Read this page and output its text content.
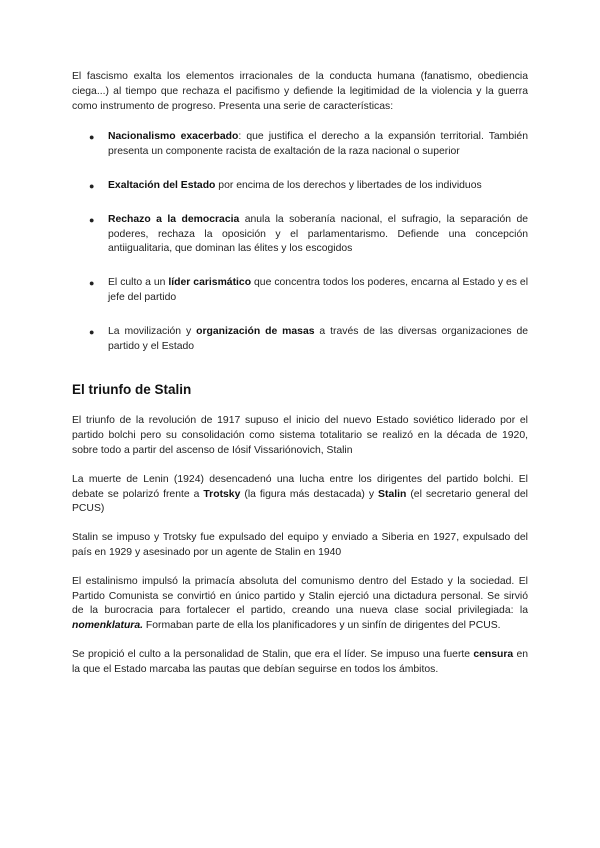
El fascismo exalta los elementos irracionales de la conducta humana (fanatismo, obediencia ciega...) al tiempo que rechaza el pacifismo y defiende la legitimidad de la violencia y la guerra como instrumento de progreso. Presenta una serie de características:

● Nacionalismo exacerbado: que justifica el derecho a la expansión territorial. También presenta un componente racista de exaltación de la raza nacional o superior
● Exaltación del Estado por encima de los derechos y libertades de los individuos
● Rechazo a la democracia anula la soberanía nacional, el sufragio, la separación de poderes, rechaza la oposición y el parlamentarismo. Defiende una concepción antiigualitaria, que dominan las élites y los escogidos
● El culto a un líder carismático que concentra todos los poderes, encarna al Estado y es el jefe del partido
● La movilización y organización de masas a través de las diversas organizaciones de partido y el Estado
El triunfo de Stalin

El triunfo de la revolución de 1917 supuso el inicio del nuevo Estado soviético liderado por el partido bolchi pero su consolidación como sistema totalitario se realizó en la década de 1920, sobre todo a partir del ascenso de Iósif Vissariónovich, Stalin

La muerte de Lenin (1924) desencadenó una lucha entre los dirigentes del partido bolchi. El debate se polarizó frente a Trotsky (la figura más destacada) y Stalin (el secretario general del PCUS)

Stalin se impuso y Trotsky fue expulsado del equipo y enviado a Siberia en 1927, expulsado del país en 1929 y asesinado por un agente de Stalin en 1940

El estalinismo impulsó la primacía absoluta del comunismo dentro del Estado y la sociedad. El Partido Comunista se convirtió en único partido y Stalin ejerció una dictadura personal. Se sirvió de la burocracia para fortalecer el partido, creando una nueva clase social privilegiada: la nomenklatura. Formaban parte de ella los planificadores y un sinfín de dirigentes del PCUS.

Se propició el culto a la personalidad de Stalin, que era el líder. Se impuso una fuerte censura en la que el Estado marcaba las pautas que debían seguirse en todos los ámbitos.
